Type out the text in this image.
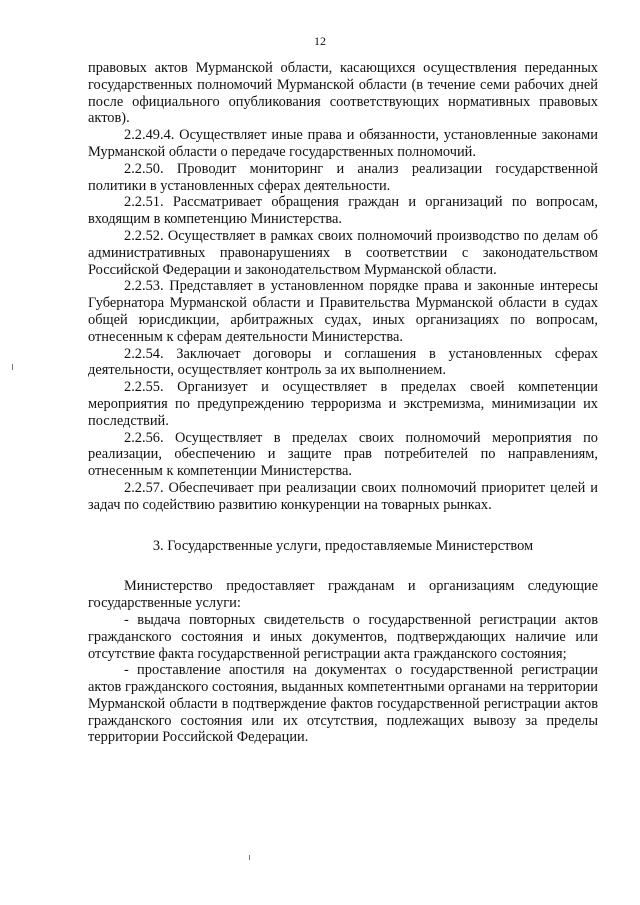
12

правовых актов Мурманской области, касающихся осуществления переданных государственных полномочий Мурманской области (в течение семи рабочих дней после официального опубликования соответствующих нормативных правовых актов).

2.2.49.4. Осуществляет иные права и обязанности, установленные законами Мурманской области о передаче государственных полномочий.

2.2.50. Проводит мониторинг и анализ реализации государственной политики в установленных сферах деятельности.

2.2.51. Рассматривает обращения граждан и организаций по вопросам, входящим в компетенцию Министерства.

2.2.52. Осуществляет в рамках своих полномочий производство по делам об административных правонарушениях в соответствии с законодательством Российской Федерации и законодательством Мурманской области.

2.2.53. Представляет в установленном порядке права и законные интересы Губернатора Мурманской области и Правительства Мурманской области в судах общей юрисдикции, арбитражных судах, иных организациях по вопросам, отнесенным к сферам деятельности Министерства.

2.2.54. Заключает договоры и соглашения в установленных сферах деятельности, осуществляет контроль за их выполнением.

2.2.55. Организует и осуществляет в пределах своей компетенции мероприятия по предупреждению терроризма и экстремизма, минимизации их последствий.

2.2.56. Осуществляет в пределах своих полномочий мероприятия по реализации, обеспечению и защите прав потребителей по направлениям, отнесенным к компетенции Министерства.

2.2.57. Обеспечивает при реализации своих полномочий приоритет целей и задач по содействию развитию конкуренции на товарных рынках.

3. Государственные услуги, предоставляемые Министерством

Министерство предоставляет гражданам и организациям следующие государственные услуги:

- выдача повторных свидетельств о государственной регистрации актов гражданского состояния и иных документов, подтверждающих наличие или отсутствие факта государственной регистрации акта гражданского состояния;

- проставление апостиля на документах о государственной регистрации актов гражданского состояния, выданных компетентными органами на территории Мурманской области в подтверждение фактов государственной регистрации актов гражданского состояния или их отсутствия, подлежащих вывозу за пределы территории Российской Федерации.
